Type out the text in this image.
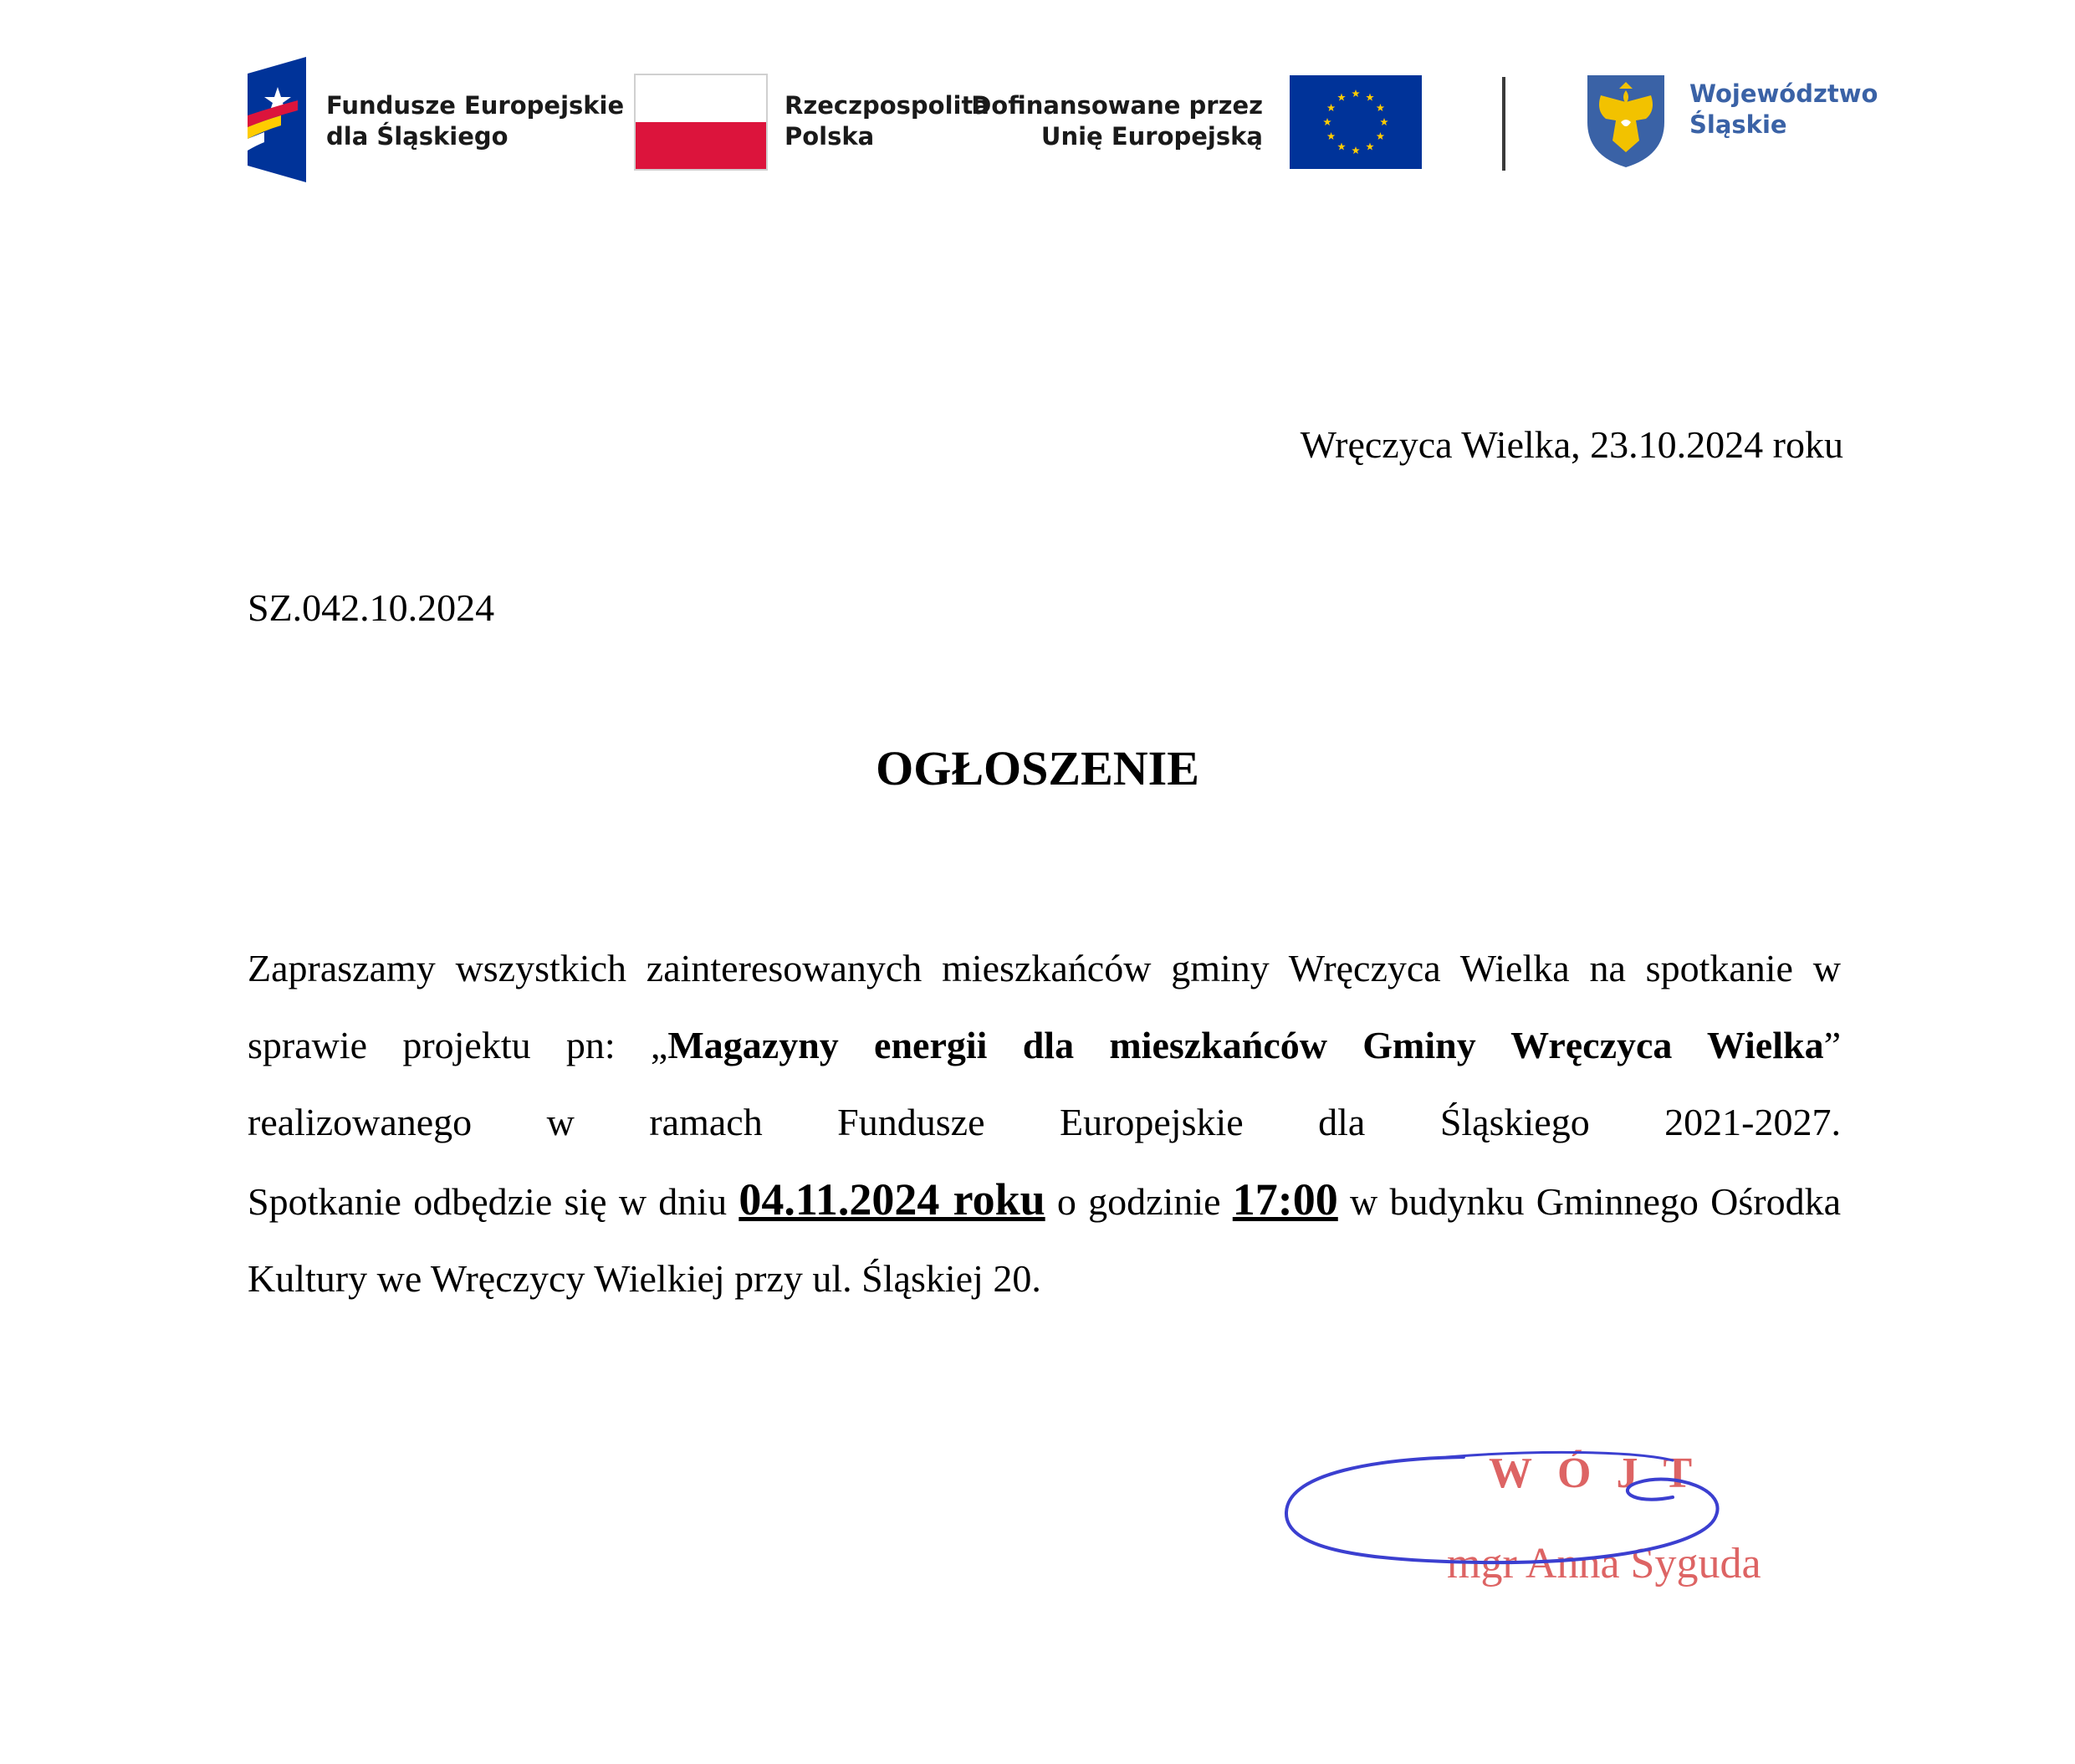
Fundusze Europejskie
dla Śląskiego
Rzeczpospolita
Polska
Dofinansowane przez
Unię Europejską
Województwo
Śląskie
Wręczyca Wielka, 23.10.2024 roku
SZ.042.10.2024
OGŁOSZENIE

Zapraszamy wszystkich zainteresowanych mieszkańców gminy Wręczyca Wielka na spotkanie w sprawie projektu pn: „Magazyny energii dla mieszkańców Gminy Wręczyca Wielka” realizowanego w ramach Fundusze Europejskie dla Śląskiego 2021-2027.

Spotkanie odbędzie się w dniu 04.11.2024 roku o godzinie 17:00 w budynku Gminnego Ośrodka Kultury we Wręczycy Wielkiej przy ul. Śląskiej 20.

WÓJT
mgr Anna Syguda
